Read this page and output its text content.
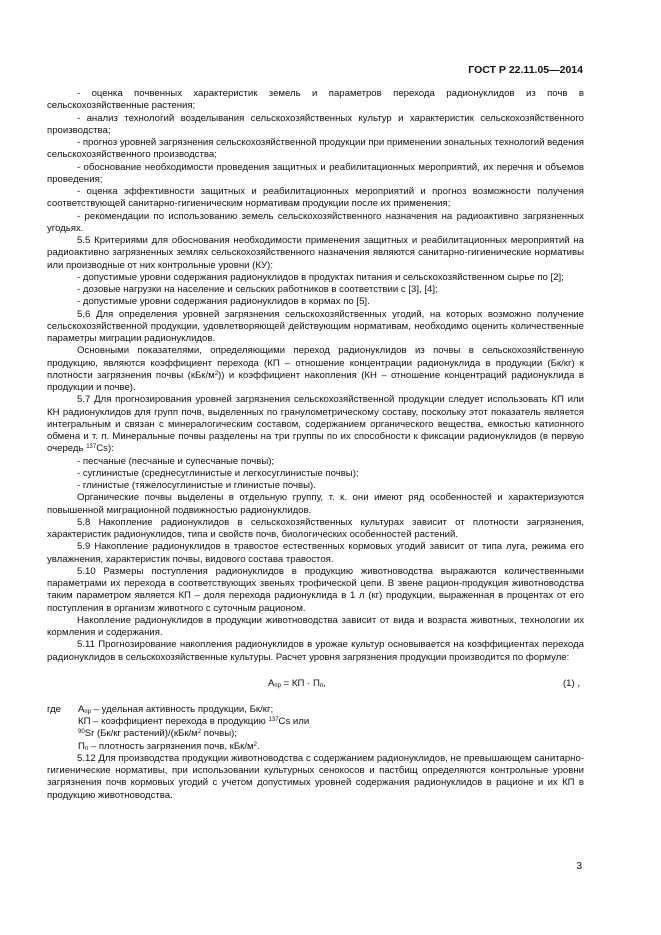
ГОСТ Р 22.11.05—2014

- оценка почвенных характеристик земель и параметров перехода радионуклидов из почв в сельскохозяйственные растения;

- анализ технологий возделывания сельскохозяйственных культур и характеристик сельскохозяйственного производства;

- прогноз уровней загрязнения сельскохозяйственной продукции при применении зональных технологий ведения сельскохозяйственного производства;

- обоснование необходимости проведения защитных и реабилитационных мероприятий, их перечня и объемов проведения;

- оценка эффективности защитных и реабилитационных мероприятий и прогноз возможности получения соответствующей санитарно-гигиеническим нормативам продукции после их применения;

- рекомендации по использованию земель сельскохозяйственного назначения на радиоактивно загрязненных угодьях.

5.5 Критериями для обоснования необходимости применения защитных и реабилитационных мероприятий на радиоактивно загрязненных землях сельскохозяйственного назначения являются санитарно-гигиенические нормативы или производные от них контрольные уровни (КУ):

- допустимые уровни содержания радионуклидов в продуктах питания и сельскохозяйственном сырье по [2];

- дозовые нагрузки на население и сельских работников в соответствии с [3], [4];

- допустимые уровни содержания радионуклидов в кормах по [5].

5.6 Для определения уровней загрязнения сельскохозяйственных угодий, на которых возможно получение сельскохозяйственной продукции, удовлетворяющей действующим нормативам, необходимо оценить количественные параметры миграции радионуклидов.

Основными показателями, определяющими переход радионуклидов из почвы в сельскохозяйственную продукцию, являются коэффициент перехода (КП – отношение концентрации радионуклида в продукции (Бк/кг) к плотности загрязнения почвы $(кБк/м^2)$) и коэффициент накопления (КН – отношение концентраций радионуклида в продукции и почве).

5.7 Для прогнозирования уровней загрязнения сельскохозяйственной продукции следует использовать КП или КН радионуклидов для групп почв, выделенных по гранулометрическому составу, поскольку этот показатель является интегральным и связан с минералогическим составом, содержанием органического вещества, емкостью катионного обмена и т. п. Минеральные почвы разделены на три группы по их способности к фиксации радионуклидов (в первую очередь $^{137}$Cs):

- песчаные (песчаные и супесчаные почвы);

- суглинистые (среднесуглинистые и легкосуглинистые почвы);

- глинистые (тяжелосуглинистые и глинистые почвы).

Органические почвы выделены в отдельную группу, т. к. они имеют ряд особенностей и характеризуются повышенной миграционной подвижностью радионуклидов.

5.8 Накопление радионуклидов в сельскохозяйственных культурах зависит от плотности загрязнения, характеристик радионуклидов, типа и свойств почв, биологических особенностей растений.

5.9 Накопление радионуклидов в травостое естественных кормовых угодий зависит от типа луга, режима его увлажнения, характеристик почвы, видового состава травостоя.

5.10 Размеры поступления радионуклидов в продукцию животноводства выражаются количественными параметрами их перехода в соответствующих звеньях трофической цепи. В звене рацион-продукция животноводства таким параметром является КП – доля перехода радионуклида в 1 л (кг) продукции, выраженная в процентах от его поступления в организм животного с суточным рационом.

Накопление радионуклидов в продукции животноводства зависит от вида и возраста животных, технологии их кормления и содержания.

5.11 Прогнозирование накопления радионуклидов в урожае культур основывается на коэффициентах перехода радионуклидов в сельскохозяйственные культуры. Расчет уровня загрязнения продукции производится по формуле:

$А_{пр}$ = КП · $П_п$,	(1) ,

где $А_{пр}$ – удельная активность продукции, Бк/кг;

КП – коэффициент перехода в продукцию $^{137}$Cs или

$^{90}$Sr (Бк/кг $растений)/(кБк/м^2$ почвы);

$П_п$ – плотность загрязнения почв, кБк/$м^2$.

5.12 Для производства продукции животноводства с содержанием радионуклидов, не превышающем санитарно-гигиенические нормативы, при использовании культурных сенокосов и пастбищ определяются контрольные уровни загрязнения почв кормовых угодий с учетом допустимых уровней содержания радионуклидов в рационе и их КП в продукцию животноводства.

3
